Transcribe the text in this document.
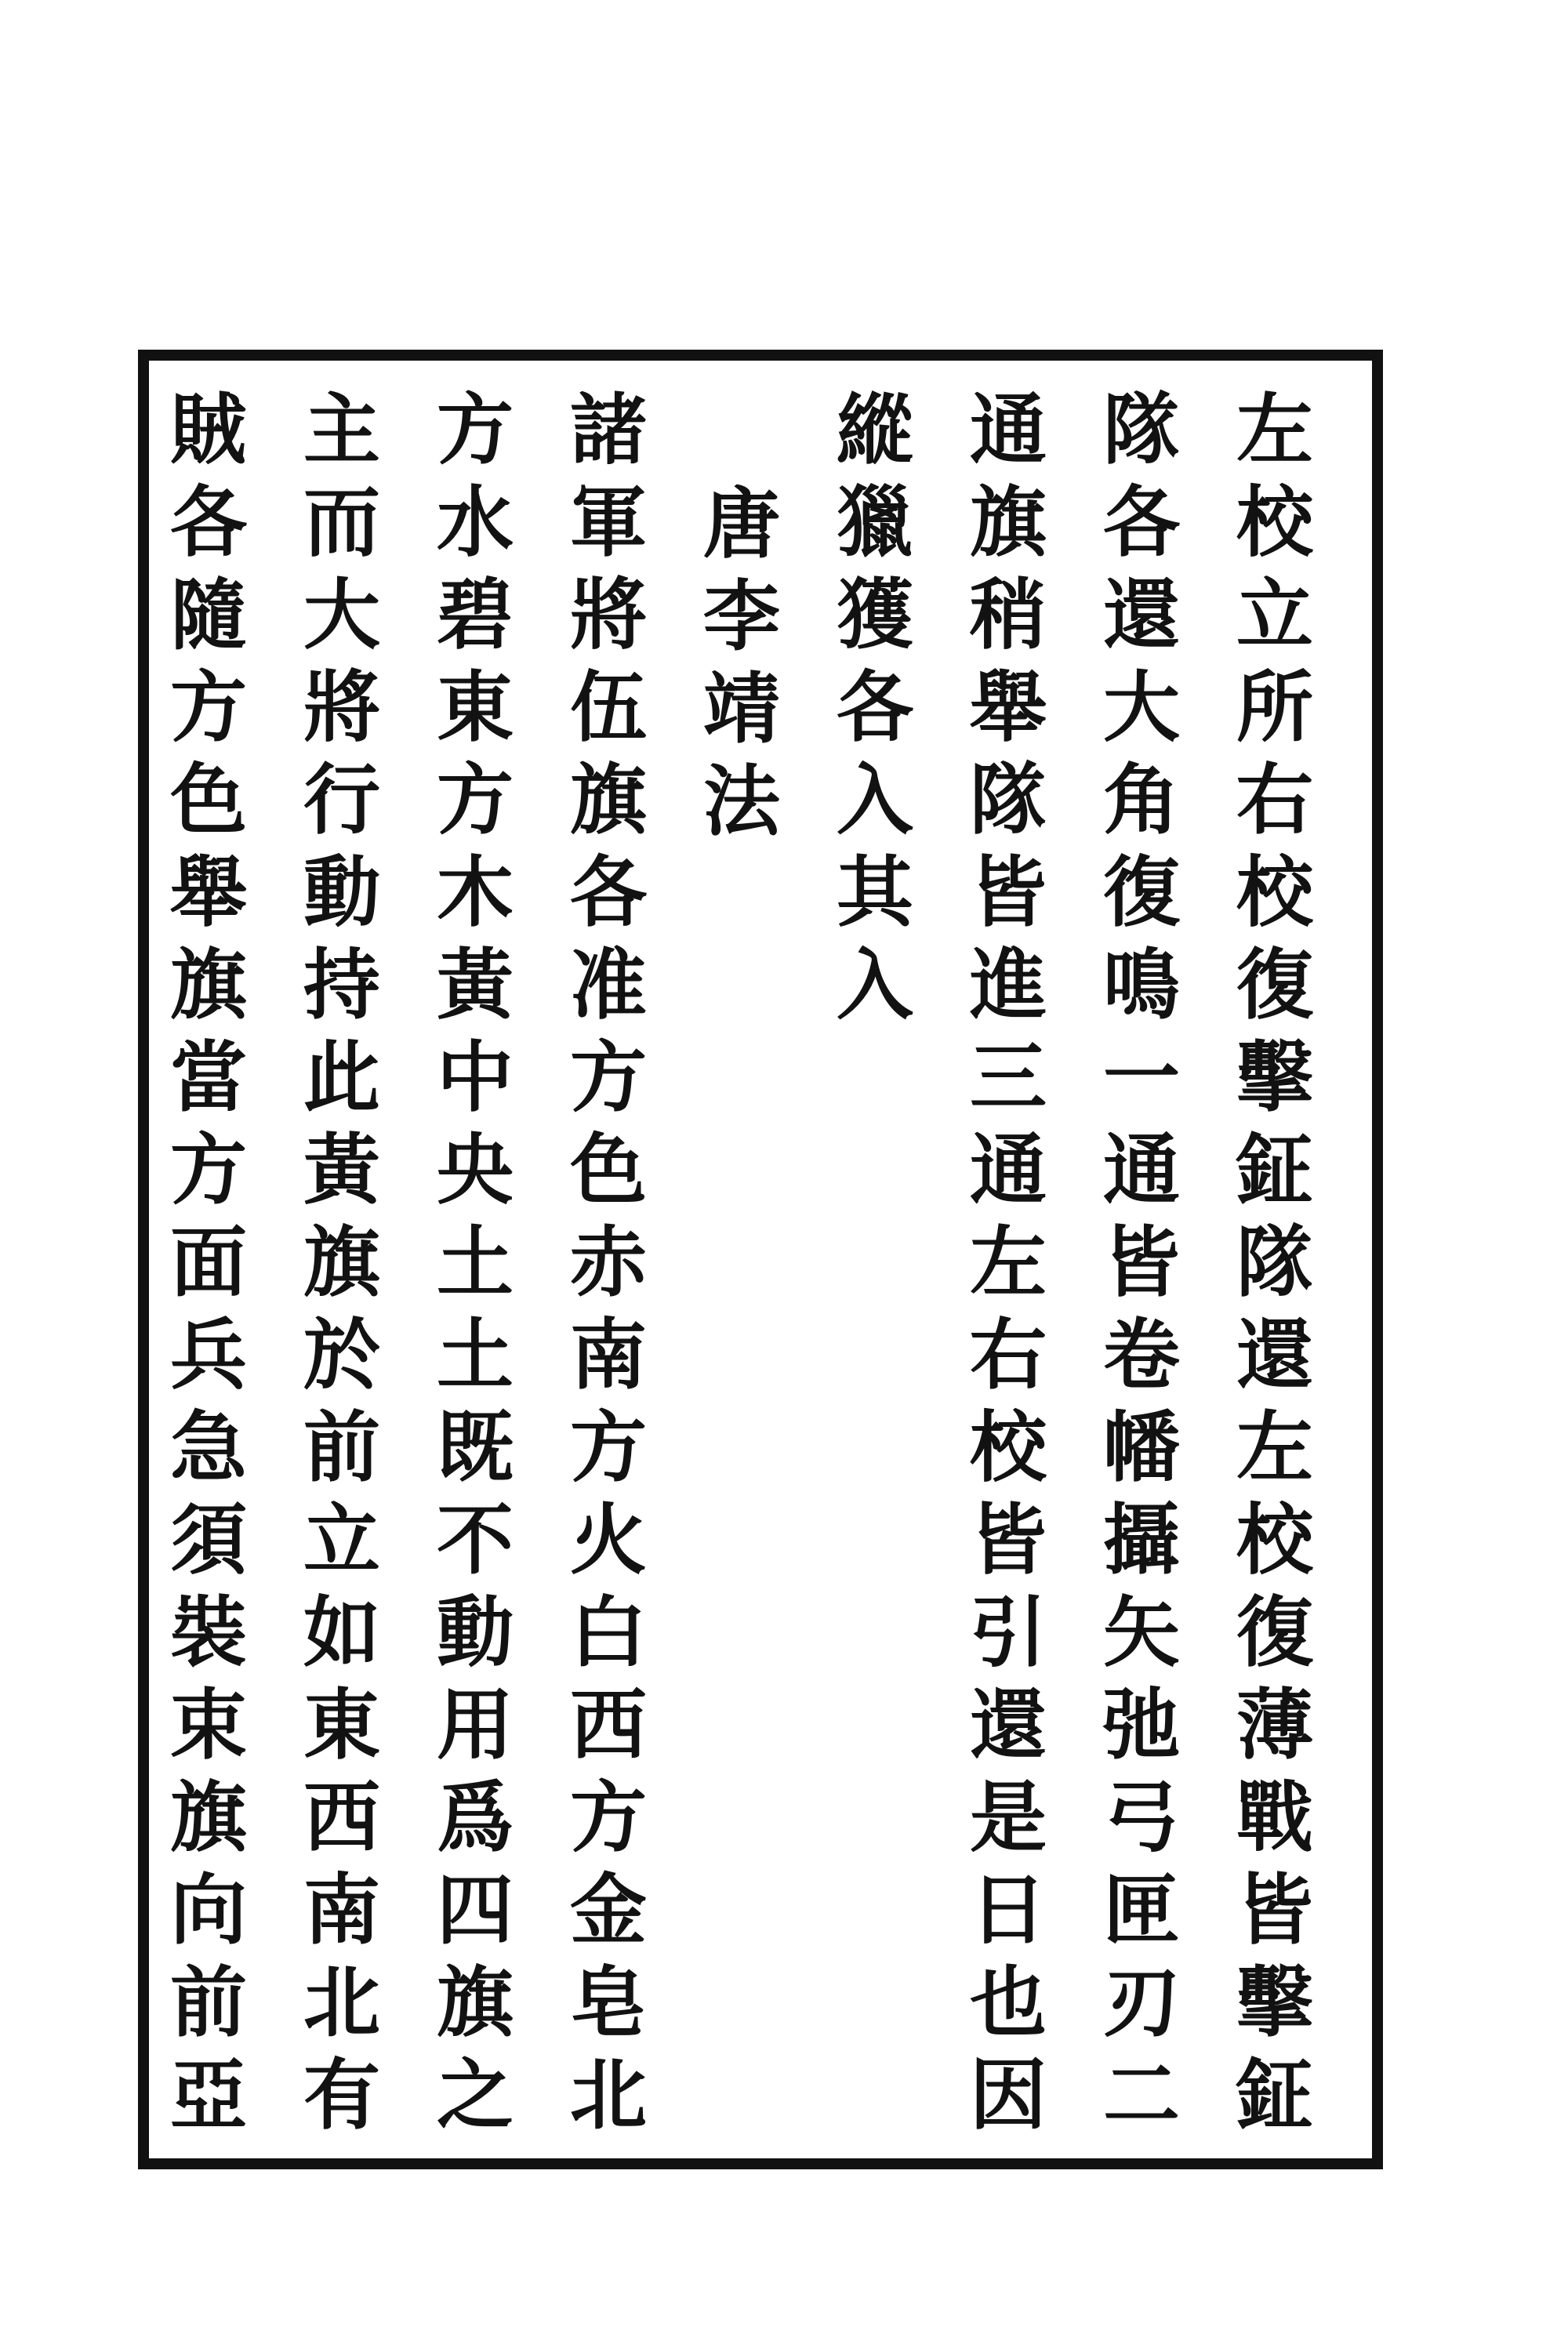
左
校
立
所
右
校
復
擊
鉦
隊
還
左
校
復
薄
戰
皆
擊
鉦
隊
各
還
大
角
復
鳴
一
通
皆
卷
幡
攝
矢
弛
弓
匣
刃
二
通
旗
稍
舉
隊
皆
進
三
通
左
右
校
皆
引
還
是
日
也
因
縱
獵
獲
各
入
其
入
唐
李
靖
法
諸
軍
將
伍
旗
各
准
方
色
赤
南
方
火
白
西
方
金
皂
北
方
水
碧
東
方
木
黃
中
央
土
土
既
不
動
用
爲
四
旗
之
主
而
大
將
行
動
持
此
黃
旗
於
前
立
如
東
西
南
北
有
賊
各
隨
方
色
舉
旗
當
方
面
兵
急
須
裝
束
旗
向
前
亞
